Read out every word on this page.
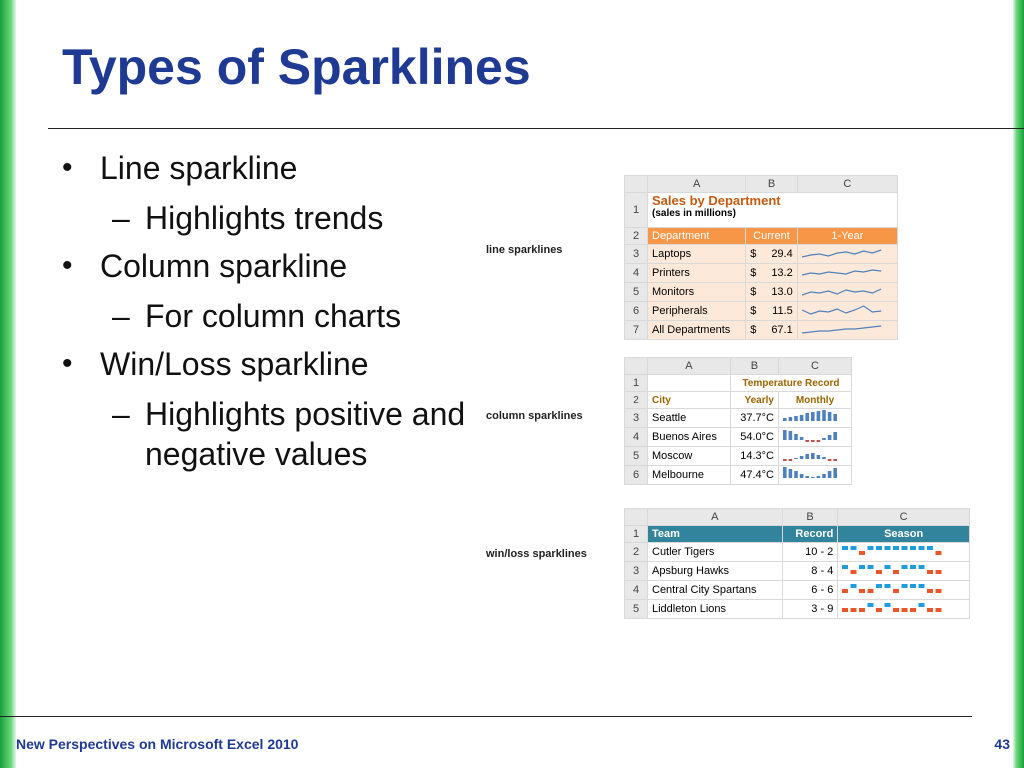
Types of Sparklines
• Line sparkline
– Highlights trends
• Column sparkline
– For column charts
• Win/Loss sparkline
– Highlights positive and negative values
line sparklines
	A	B	C
1	Sales by Department
(sales in millions)		

2	Department	Current	1-Year
3	Laptops	$ 29.4

4	Printers	$ 13.2

5	Monitors	$ 13.0

6	Peripherals	$ 11.5

7	All Departments	$ 67.1

column sparklines
	A	B	C
1		Temperature Record	
2	City	Yearly	Monthly
3	Seattle	37.7°C	
4	Buenos Aires	54.0°C	
5	Moscow	14.3°C	
6	Melbourne	47.4°C	
win/loss sparklines
	A	B	C
1	Team	Record	Season
2	Cutler Tigers	10 - 2	
3	Apsburg Hawks	8 - 4	
4	Central City Spartans	6 - 6	
5	Liddleton Lions	3 - 9	
New Perspectives on Microsoft Excel 2010	43
